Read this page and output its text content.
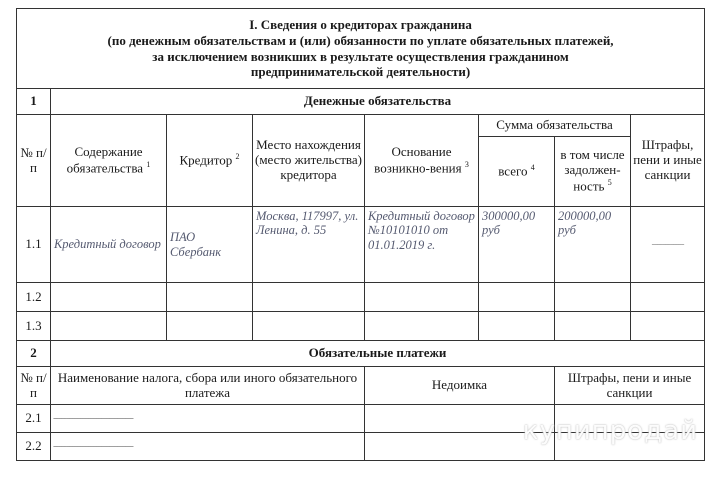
I. Сведения о кредиторах гражданина
(по денежным обязательствам и (или) обязанности по уплате обязательных платежей,
за исключением возникших в результате осуществления гражданином
предпринимательской деятельности)							

1	Денежные обязательства						
№ п/п	Содержание обязательства $^1$	Кредитор $^2$	Место нахождения (место жительства) кредитора	Основание возникно-вения $^3$	Сумма обязательства		Штрафы, пени и иные санкции
					всего $^4$	в том числе задолжен-ность $^5$
1.1	Кредитный договор	ПАО Сбербанк	Москва, 117997, ул. Ленина, д. 55	Кредитный договор №10101010 от 01.01.2019 г.	300000,00 руб	200000,00 руб	------------
1.2							
1.3							
2	Обязательные платежи						
№ п/п	Наименование налога, сбора или иного обязательного платежа			Недоимка		Штрафы, пени и иные санкции	
2.1	------------------------------						
2.2	------------------------------						
купипродай
